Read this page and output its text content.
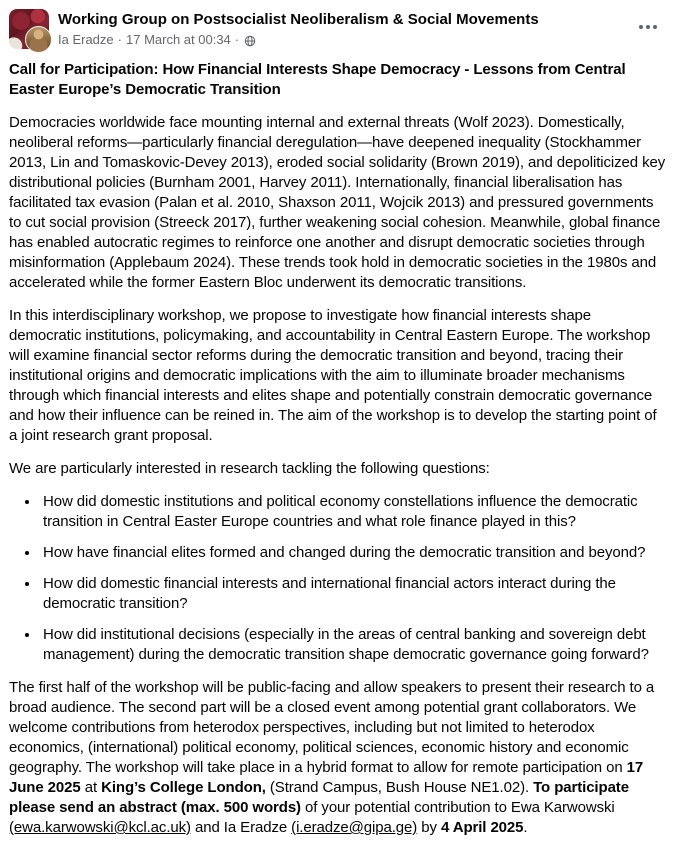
Working Group on Postsocialist Neoliberalism & Social Movements
Ia Eradze · 17 March at 00:34 ·
Call for Participation: How Financial Interests Shape Democracy - Lessons from Central Easter Europe’s Democratic Transition

Democracies worldwide face mounting internal and external threats (Wolf 2023). Domestically, neoliberal reforms—particularly financial deregulation—have deepened inequality (Stockhammer 2013, Lin and Tomaskovic-Devey 2013), eroded social solidarity (Brown 2019), and depoliticized key distributional policies (Burnham 2001, Harvey 2011). Internationally, financial liberalisation has facilitated tax evasion (Palan et al. 2010, Shaxson 2011, Wojcik 2013) and pressured governments to cut social provision (Streeck 2017), further weakening social cohesion. Meanwhile, global finance has enabled autocratic regimes to reinforce one another and disrupt democratic societies through misinformation (Applebaum 2024). These trends took hold in democratic societies in the 1980s and accelerated while the former Eastern Bloc underwent its democratic transitions.

In this interdisciplinary workshop, we propose to investigate how financial interests shape democratic institutions, policymaking, and accountability in Central Eastern Europe. The workshop will examine financial sector reforms during the democratic transition and beyond, tracing their institutional origins and democratic implications with the aim to illuminate broader mechanisms through which financial interests and elites shape and potentially constrain democratic governance and how their influence can be reined in. The aim of the workshop is to develop the starting point of a joint research grant proposal.

We are particularly interested in research tackling the following questions:

• How did domestic institutions and political economy constellations influence the democratic transition in Central Easter Europe countries and what role finance played in this?
• How have financial elites formed and changed during the democratic transition and beyond?
• How did domestic financial interests and international financial actors interact during the democratic transition?
• How did institutional decisions (especially in the areas of central banking and sovereign debt management) during the democratic transition shape democratic governance going forward?

The first half of the workshop will be public-facing and allow speakers to present their research to a broad audience. The second part will be a closed event among potential grant collaborators. We welcome contributions from heterodox perspectives, including but not limited to heterodox economics, (international) political economy, political sciences, economic history and economic geography. The workshop will take place in a hybrid format to allow for remote participation on 17 June 2025 at King’s College London, (Strand Campus, Bush House NE1.02). To participate please send an abstract (max. 500 words) of your potential contribution to Ewa Karwowski (ewa.karwowski@kcl.ac.uk) and Ia Eradze (i.eradze@gipa.ge) by 4 April 2025.
